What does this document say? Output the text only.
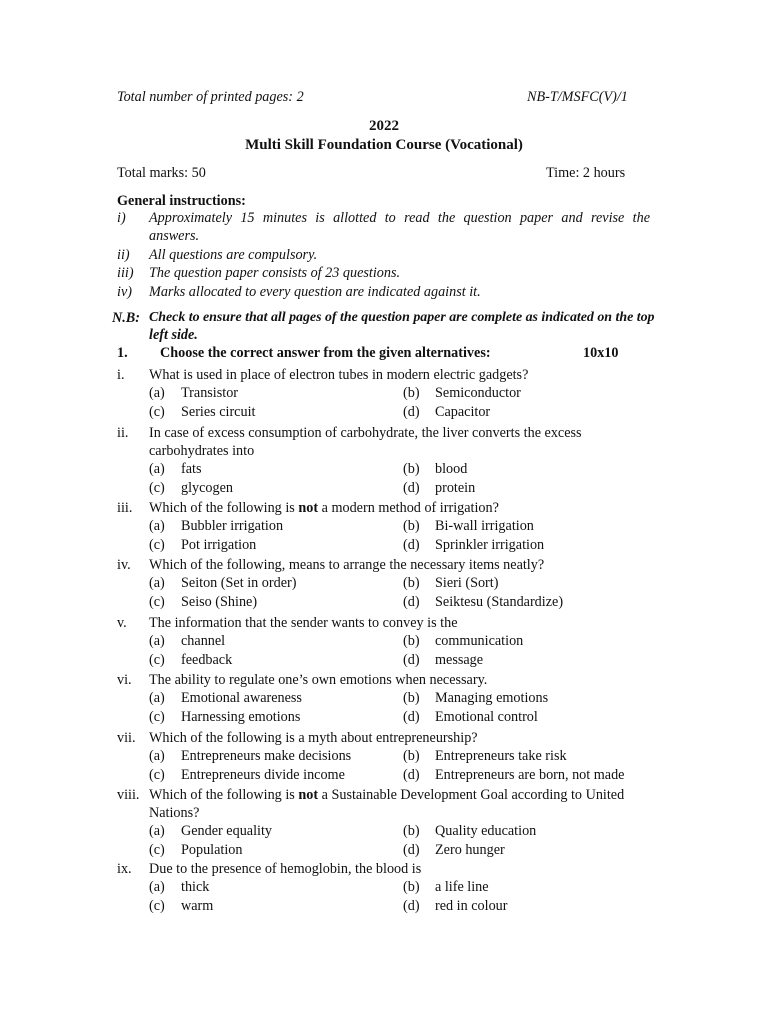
Total number of printed pages: 2	NB-T/MSFC(V)/1
2022
Multi Skill Foundation Course (Vocational)
Total marks: 50	Time: 2 hours
General instructions:
i) Approximately 15 minutes is allotted to read the question paper and revise the
answers.
ii) All questions are compulsory.
iii) The question paper consists of 23 questions.
iv) Marks allocated to every question are indicated against it.
N.B: Check to ensure that all pages of the question paper are complete as indicated on the top
left side.
1. Choose the correct answer from the given alternatives:	10x10
i. What is used in place of electron tubes in modern electric gadgets?
(a) Transistor	(b) Semiconductor
(c) Series circuit	(d) Capacitor
ii. In case of excess consumption of carbohydrate, the liver converts the excess carbohydrates into
(a) fats	(b) blood
(c) glycogen	(d) protein
iii. Which of the following is not a modern method of irrigation?
(a) Bubbler irrigation	(b) Bi-wall irrigation
(c) Pot irrigation	(d) Sprinkler irrigation
iv. Which of the following, means to arrange the necessary items neatly?
(a) Seiton (Set in order)	(b) Sieri (Sort)
(c) Seiso (Shine)	(d) Seiktesu (Standardize)
v. The information that the sender wants to convey is the
(a) channel	(b) communication
(c) feedback	(d) message
vi. The ability to regulate one’s own emotions when necessary.
(a) Emotional awareness	(b) Managing emotions
(c) Harnessing emotions	(d) Emotional control
vii. Which of the following is a myth about entrepreneurship?
(a) Entrepreneurs make decisions	(b) Entrepreneurs take risk
(c) Entrepreneurs divide income	(d) Entrepreneurs are born, not made
viii. Which of the following is not a Sustainable Development Goal according to United Nations?
(a) Gender equality	(b) Quality education
(c) Population	(d) Zero hunger
ix. Due to the presence of hemoglobin, the blood is
(a) thick	(b) a life line
(c) warm	(d) red in colour
